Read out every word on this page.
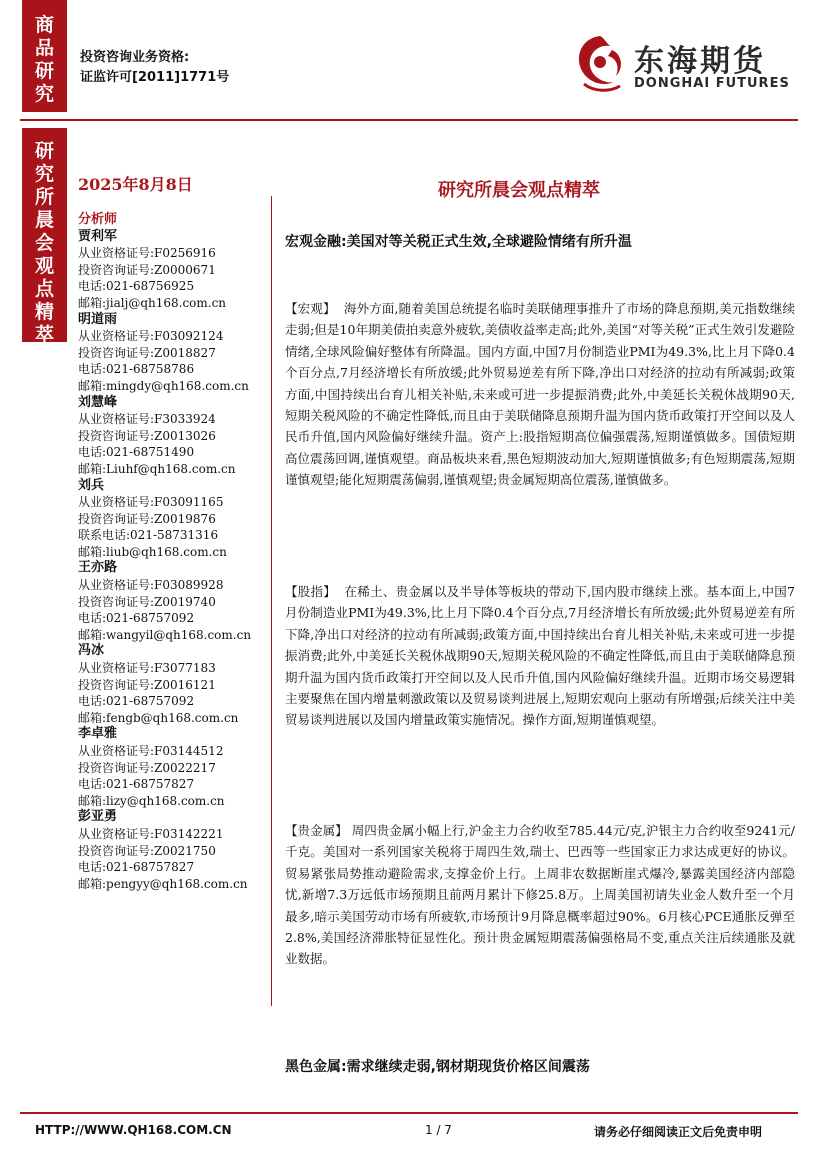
商品研究
投资咨询业务资格:
证监许可[2011]1771号	东海期货
DONGHAI FUTURES
研究所晨会观点精萃
2025年8月8日	研究所晨会观点精萃
分析师
贾利军
从业资格证号:F0256916
投资咨询证号:Z0000671
电话:021-68756925
邮箱:jialj@qh168.com.cn
明道雨
从业资格证号:F03092124
投资咨询证号:Z0018827
电话:021-68758786
邮箱:mingdy@qh168.com.cn
刘慧峰
从业资格证号:F3033924
投资咨询证号:Z0013026
电话:021-68751490
邮箱:Liuhf@qh168.com.cn
刘兵
从业资格证号:F03091165
投资咨询证号:Z0019876
联系电话:021-58731316
邮箱:liub@qh168.com.cn
王亦路
从业资格证号:F03089928
投资咨询证号:Z0019740
电话:021-68757092
邮箱:wangyil@qh168.com.cn
冯冰
从业资格证号:F3077183
投资咨询证号:Z0016121
电话:021-68757092
邮箱:fengb@qh168.com.cn
李卓雅
从业资格证号:F03144512
投资咨询证号:Z0022217
电话:021-68757827
邮箱:lizy@qh168.com.cn
彭亚勇
从业资格证号:F03142221
投资咨询证号:Z0021750
电话:021-68757827
邮箱:pengyy@qh168.com.cn
宏观金融:美国对等关税正式生效,全球避险情绪有所升温
【宏观】 海外方面,随着美国总统提名临时美联储理事推升了市场的降息预期,美元指数继续走弱;但是10年期美债拍卖意外疲软,美债收益率走高;此外,美国“对等关税”正式生效引发避险情绪,全球风险偏好整体有所降温。国内方面,中国7月份制造业PMI为49.3%,比上月下降0.4个百分点,7月经济增长有所放缓;此外贸易逆差有所下降,净出口对经济的拉动有所减弱;政策方面,中国持续出台育儿相关补贴,未来或可进一步提振消费;此外,中美延长关税休战期90天,短期关税风险的不确定性降低,而且由于美联储降息预期升温为国内货币政策打开空间以及人民币升值,国内风险偏好继续升温。资产上:股指短期高位偏强震荡,短期谨慎做多。国债短期高位震荡回调,谨慎观望。商品板块来看,黑色短期波动加大,短期谨慎做多;有色短期震荡,短期谨慎观望;能化短期震荡偏弱,谨慎观望;贵金属短期高位震荡,谨慎做多。
【股指】 在稀土、贵金属以及半导体等板块的带动下,国内股市继续上涨。基本面上,中国7月份制造业PMI为49.3%,比上月下降0.4个百分点,7月经济增长有所放缓;此外贸易逆差有所下降,净出口对经济的拉动有所减弱;政策方面,中国持续出台育儿相关补贴,未来或可进一步提振消费;此外,中美延长关税休战期90天,短期关税风险的不确定性降低,而且由于美联储降息预期升温为国内货币政策打开空间以及人民币升值,国内风险偏好继续升温。近期市场交易逻辑主要聚焦在国内增量刺激政策以及贸易谈判进展上,短期宏观向上驱动有所增强;后续关注中美贸易谈判进展以及国内增量政策实施情况。操作方面,短期谨慎观望。
【贵金属】 周四贵金属小幅上行,沪金主力合约收至785.44元/克,沪银主力合约收至9241元/千克。美国对一系列国家关税将于周四生效,瑞士、巴西等一些国家正力求达成更好的协议。贸易紧张局势推动避险需求,支撑金价上行。上周非农数据断崖式爆冷,暴露美国经济内部隐忧,新增7.3万远低市场预期且前两月累计下修25.8万。上周美国初请失业金人数升至一个月最多,暗示美国劳动市场有所疲软,市场预计9月降息概率超过90%。6月核心PCE通胀反弹至2.8%,美国经济滞胀特征显性化。预计贵金属短期震荡偏强格局不变,重点关注后续通胀及就业数据。
黑色金属:需求继续走弱,钢材期现货价格区间震荡
HTTP://WWW.QH168.COM.CN	1 / 7	请务必仔细阅读正文后免责申明
